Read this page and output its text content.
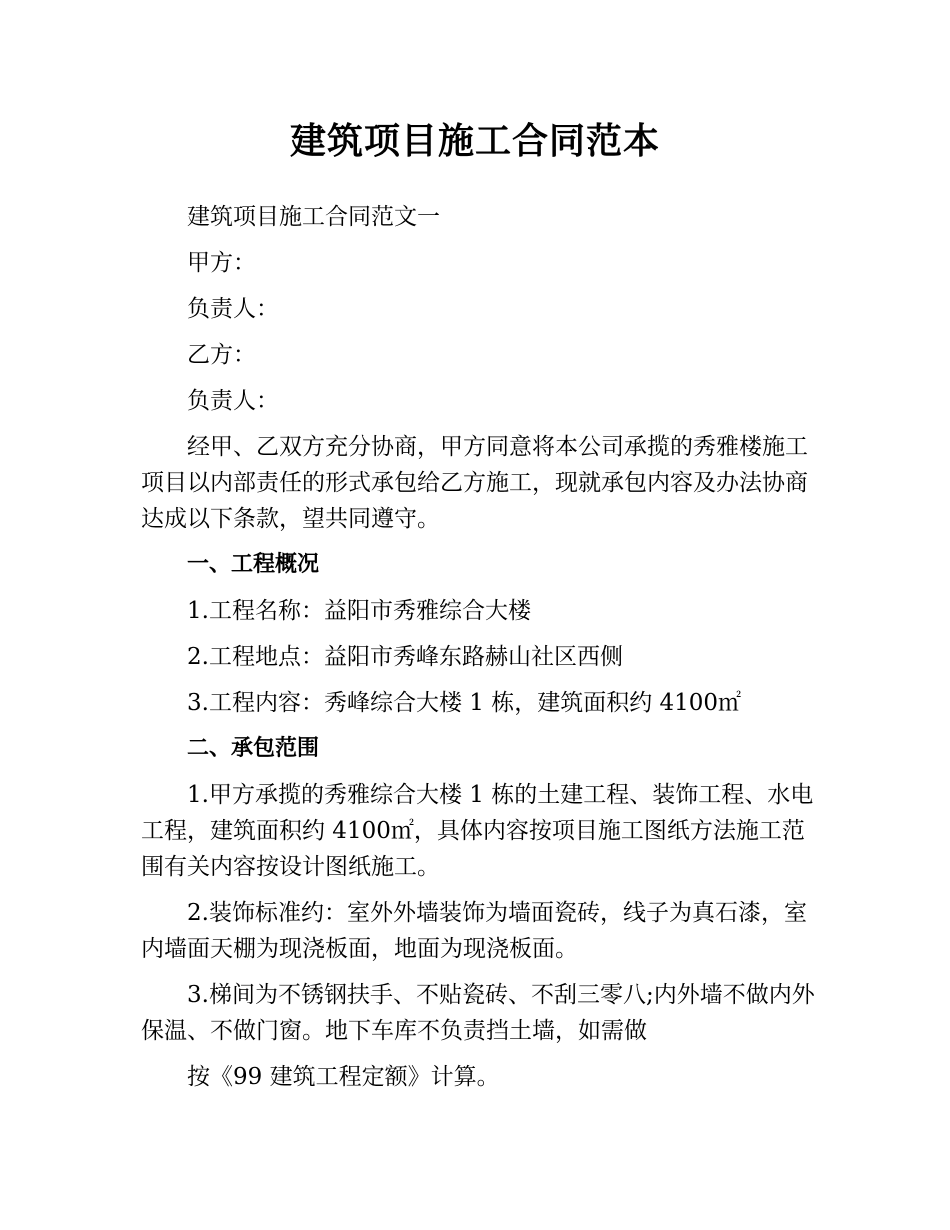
建筑项目施工合同范本

建筑项目施工合同范文一

甲方：

负责人：

乙方：

负责人：

经甲、乙双方充分协商，甲方同意将本公司承揽的秀雅楼施工项目以内部责任的形式承包给乙方施工，现就承包内容及办法协商达成以下条款，望共同遵守。

一、工程概况

1.工程名称：益阳市秀雅综合大楼

2.工程地点：益阳市秀峰东路赫山社区西侧

3.工程内容：秀峰综合大楼 1 栋，建筑面积约 4100㎡

二、承包范围

1.甲方承揽的秀雅综合大楼 1 栋的土建工程、装饰工程、水电工程，建筑面积约 4100㎡，具体内容按项目施工图纸方法施工范围有关内容按设计图纸施工。

2.装饰标准约：室外外墙装饰为墙面瓷砖，线子为真石漆，室内墙面天棚为现浇板面，地面为现浇板面。

3.梯间为不锈钢扶手、不贴瓷砖、不刮三零八;内外墙不做内外保温、不做门窗。地下车库不负责挡土墙，如需做

按《99 建筑工程定额》计算。
